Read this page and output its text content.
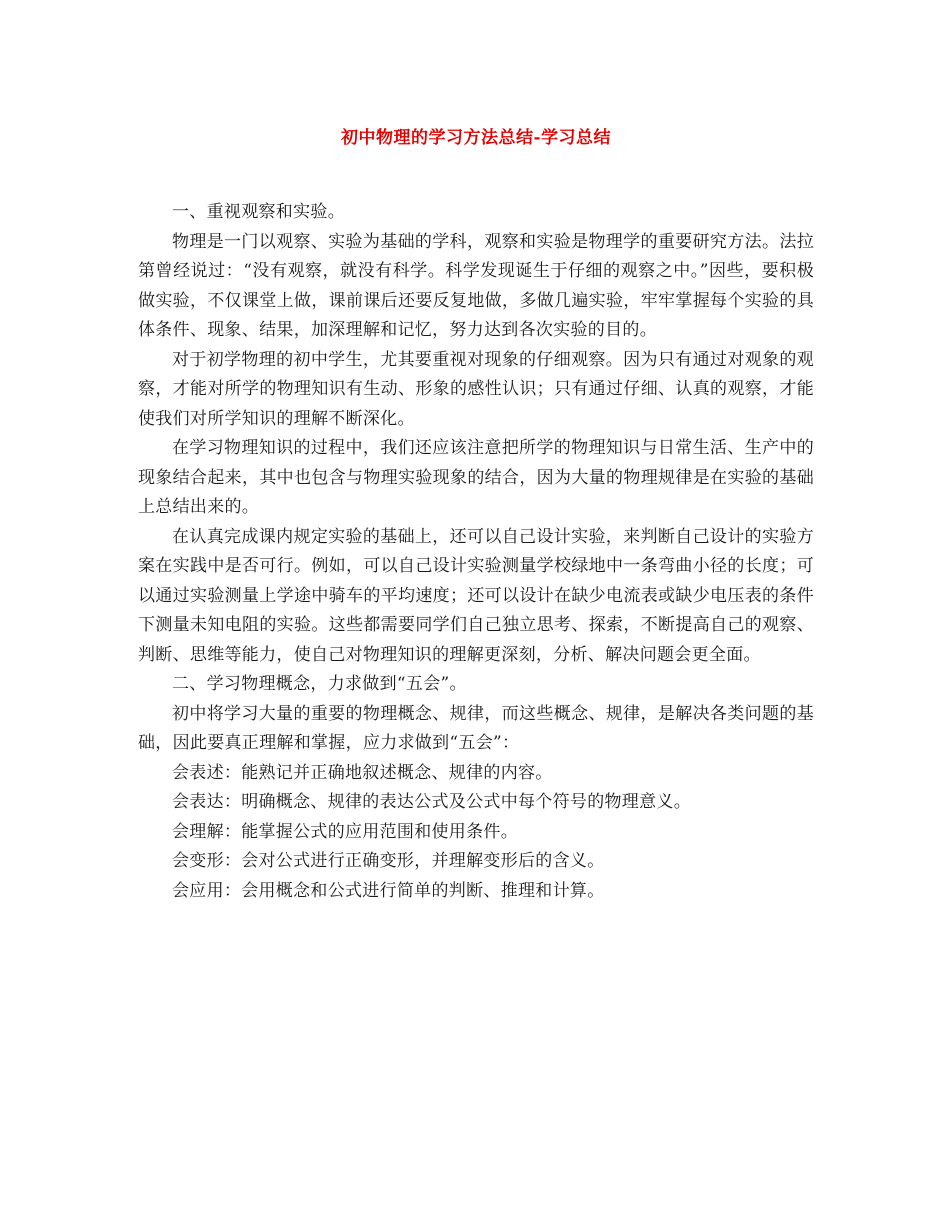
初中物理的学习方法总结-学习总结

一、重视观察和实验。

物理是一门以观察、实验为基础的学科，观察和实验是物理学的重要研究方法。法拉第曾经说过：“没有观察，就没有科学。科学发现诞生于仔细的观察之中。”因些，要积极做实验，不仅课堂上做，课前课后还要反复地做，多做几遍实验，牢牢掌握每个实验的具体条件、现象、结果，加深理解和记忆，努力达到各次实验的目的。

对于初学物理的初中学生，尤其要重视对现象的仔细观察。因为只有通过对观象的观察，才能对所学的物理知识有生动、形象的感性认识；只有通过仔细、认真的观察，才能使我们对所学知识的理解不断深化。

在学习物理知识的过程中，我们还应该注意把所学的物理知识与日常生活、生产中的现象结合起来，其中也包含与物理实验现象的结合，因为大量的物理规律是在实验的基础上总结出来的。

在认真完成课内规定实验的基础上，还可以自己设计实验，来判断自己设计的实验方案在实践中是否可行。例如，可以自己设计实验测量学校绿地中一条弯曲小径的长度；可以通过实验测量上学途中骑车的平均速度；还可以设计在缺少电流表或缺少电压表的条件下测量未知电阻的实验。这些都需要同学们自己独立思考、探索，不断提高自己的观察、判断、思维等能力，使自己对物理知识的理解更深刻，分析、解决问题会更全面。

二、学习物理概念，力求做到“五会”。

初中将学习大量的重要的物理概念、规律，而这些概念、规律，是解决各类问题的基础，因此要真正理解和掌握，应力求做到“五会”：

会表述：能熟记并正确地叙述概念、规律的内容。

会表达：明确概念、规律的表达公式及公式中每个符号的物理意义。

会理解：能掌握公式的应用范围和使用条件。

会变形：会对公式进行正确变形，并理解变形后的含义。

会应用：会用概念和公式进行简单的判断、推理和计算。
